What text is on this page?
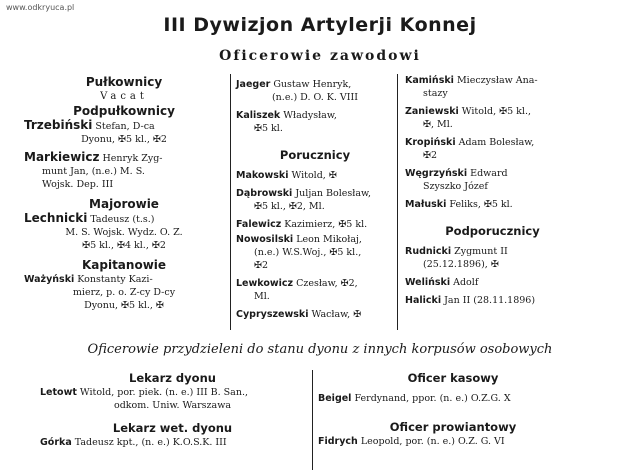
www.odkryuca.pl
III Dywizjon Artylerji Konnej
Oficerowie zawodowi
Pułkownicy
Vacat
Podpułkownicy

Trzebiński Stefan, D-ca

Dyonu, ✠5 kl., ✠2

Markiewicz Henryk Zyg-

munt Jan, (n.e.) M. S.

Wojsk. Dep. III

Majorowie

Lechnicki Tadeusz (t.s.)

M. S. Wojsk. Wydz. O. Z.

✠5 kl., ✠4 kl., ✠2

Kapitanowie

Ważyński Konstanty Kazi-

mierz, p. o. Z-cy D-cy

Dyonu, ✠5 kl., ✠

Jaeger Gustaw Henryk,

(n.e.) D. O. K. VIII

Kaliszek Władysław,

✠5 kl.

Porucznicy

Makowski Witold, ✠

Dąbrowski Juljan Bolesław,

✠5 kl., ✠2, Ml.

Falewicz Kazimierz, ✠5 kl.

Nowosilski Leon Mikołaj,

(n.e.) W.S.Woj., ✠5 kl.,

✠2

Lewkowicz Czesław, ✠2,

Ml.

Cypryszewski Wacław, ✠

Kamiński Mieczysław Ana-

stazy

Zaniewski Witold, ✠5 kl.,

✠, Ml.

Kropiński Adam Bolesław,

✠2

Węgrzyński Edward

Szyszko Józef

Małuski Feliks, ✠5 kl.

Podporucznicy

Rudnicki Zygmunt II

(25.12.1896), ✠

Weliński Adolf

Halicki Jan II (28.11.1896)

Oficerowie przydzieleni do stanu dyonu z innych korpusów osobowych
Lekarz dyonu

Letowt Witold, por. piek. (n. e.) III B. San.,

odkom. Uniw. Warszawa

Lekarz wet. dyonu

Górka Tadeusz kpt., (n. e.) K.O.S.K. III

Oficer kasowy

Beigel Ferdynand, ppor. (n. e.) O.Z.G. X

Oficer prowiantowy

Fidrych Leopold, por. (n. e.) O.Z. G. VI
